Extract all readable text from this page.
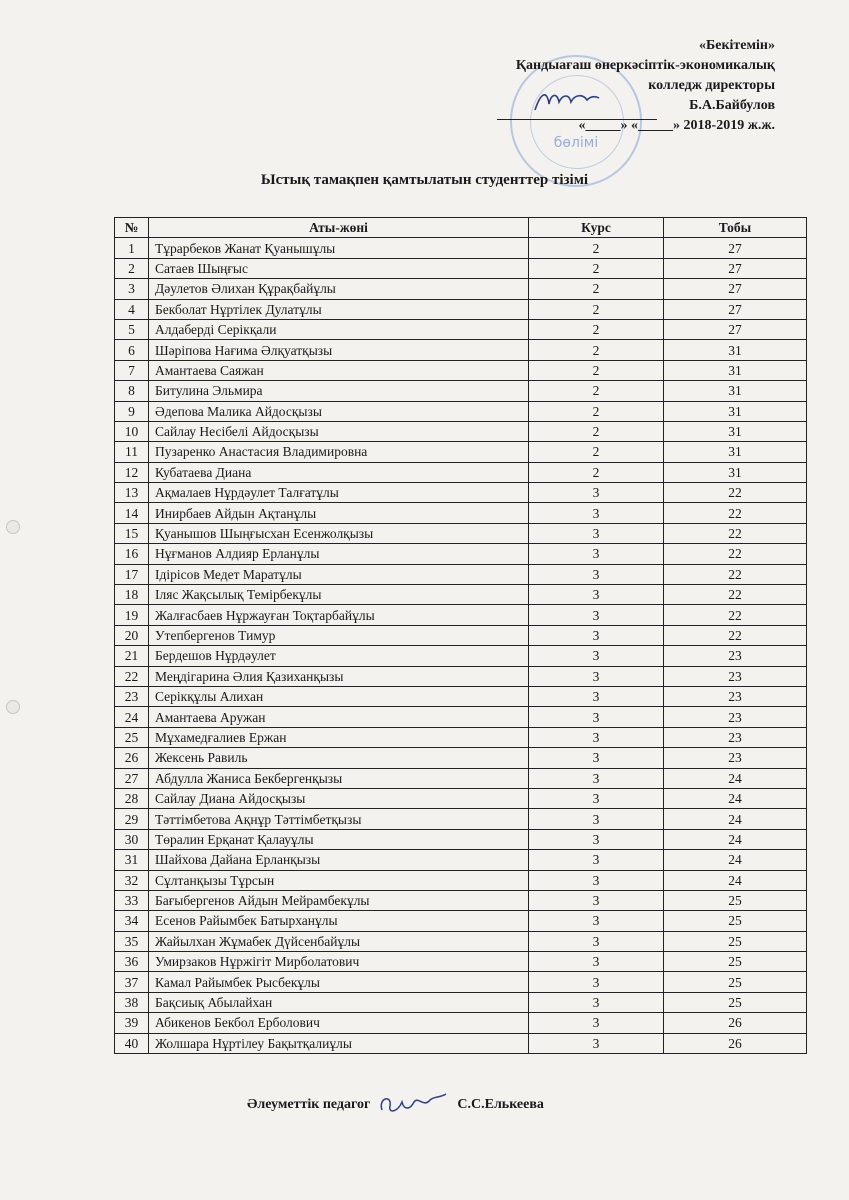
бөлімі
«Бекітемін»
Қандыағаш өнеркәсіптік-экономикалық
колледж директоры
Б.А.Байбулов
«_____» «_____» 2018-2019 ж.ж.
Ыстық тамақпен қамтылатын студенттер тізімі
№	Аты-жөні	Курс	Тобы
1	Тұрарбеков Жанат Қуанышұлы	2	27
2	Сатаев Шыңғыс	2	27
3	Дәулетов Әлихан Құрақбайұлы	2	27
4	Бекболат Нұртілек Дулатұлы	2	27
5	Алдаберді Серікқали	2	27
6	Шәріпова Нағима Әлқуатқызы	2	31
7	Амантаева Саяжан	2	31
8	Битулина Эльмира	2	31
9	Әдепова Малика Айдосқызы	2	31
10	Сайлау Несібелі Айдосқызы	2	31
11	Пузаренко Анастасия Владимировна	2	31
12	Кубатаева Диана	2	31
13	Ақмалаев Нұрдәулет Талғатұлы	3	22
14	Инирбаев Айдын Ақтанұлы	3	22
15	Қуанышов Шыңғысхан Есенжолқызы	3	22
16	Нұғманов Алдияр Ерланұлы	3	22
17	Ідірісов Медет Маратұлы	3	22
18	Іляс Жақсылық Темірбекұлы	3	22
19	Жалғасбаев Нұржауған Тоқтарбайұлы	3	22
20	Утепбергенов Тимур	3	22
21	Бердешов Нұрдәулет	3	23
22	Меңдігарина Әлия Қазиханқызы	3	23
23	Серікқұлы Алихан	3	23
24	Амантаева Аружан	3	23
25	Мұхамедғалиев Ержан	3	23
26	Жексень Равиль	3	23
27	Абдулла Жаниса Бекбергенқызы	3	24
28	Сайлау Диана Айдосқызы	3	24
29	Тәттімбетова Ақнұр Тәттімбетқызы	3	24
30	Төралин Ерқанат Қалауұлы	3	24
31	Шайхова Дайана Ерланқызы	3	24
32	Сұлтанқызы Тұрсын	3	24
33	Бағыбергенов Айдын Мейрамбекұлы	3	25
34	Есенов Райымбек Батырханұлы	3	25
35	Жайылхан Жұмабек Дүйсенбайұлы	3	25
36	Умирзаков Нұржігіт Мирболатович	3	25
37	Камал Райымбек Рысбекұлы	3	25
38	Бақсиық Абылайхан	3	25
39	Абикенов Бекбол Ерболович	3	26
40	Жолшара Нұртілеу Бақытқалиұлы	3	26
Әлеуметтік педагог	С.С.Елькеева
